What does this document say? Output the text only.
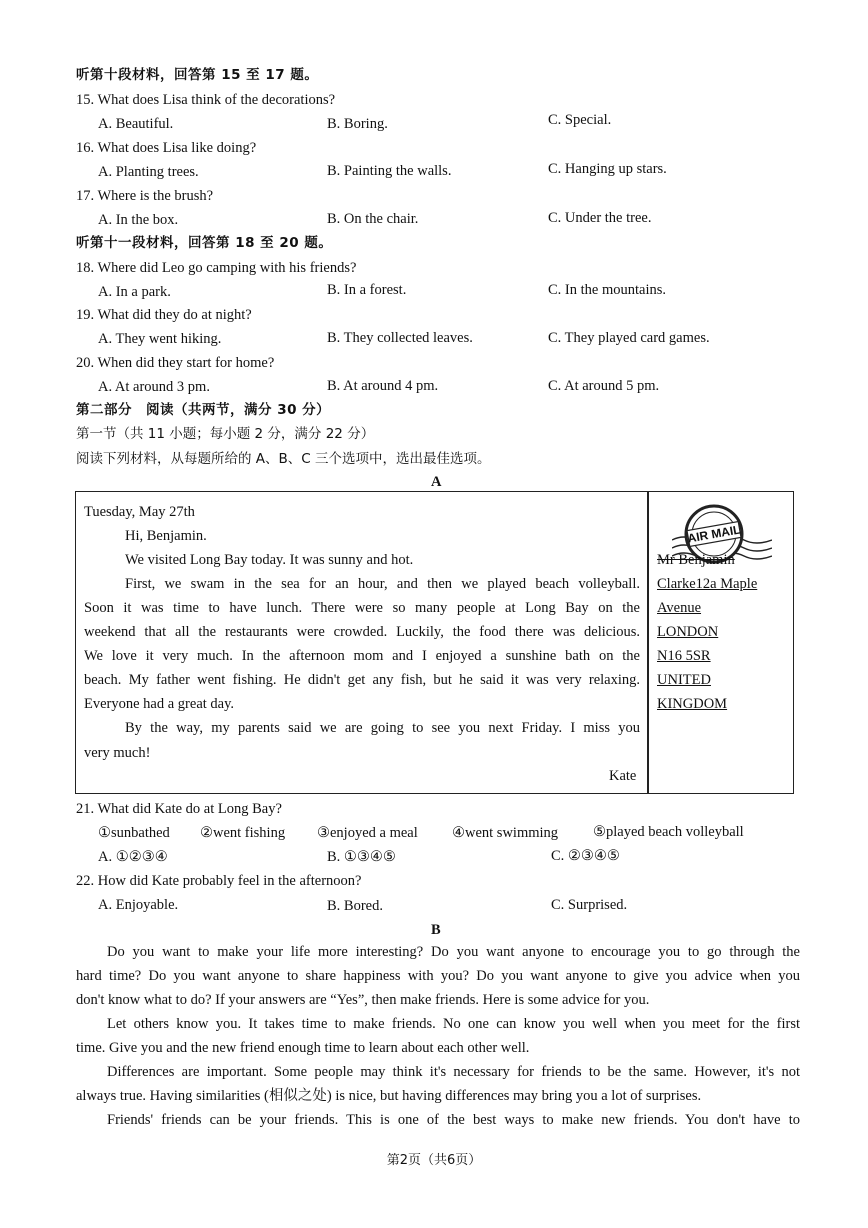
听第十段材料，回答第 15 至 17 题。
15. What does Lisa think of the decorations?
A. Beautiful.	B. Boring.	C. Special.
16. What does Lisa like doing?
A. Planting trees.	B. Painting the walls.	C. Hanging up stars.
17. Where is the brush?
A. In the box.	B. On the chair.	C. Under the tree.
听第十一段材料，回答第 18 至 20 题。
18. Where did Leo go camping with his friends?
A. In a park.	B. In a forest.	C. In the mountains.
19. What did they do at night?
A. They went hiking.	B. They collected leaves.	C. They played card games.
20. When did they start for home?
A. At around 3 pm.	B. At around 4 pm.	C. At around 5 pm.
第二部分　阅读（共两节，满分 30 分）
第一节（共 11 小题；每小题 2 分，满分 22 分）
阅读下列材料，从每题所给的 A、B、C 三个选项中，选出最佳选项。
A
Tuesday, May 27th
Hi, Benjamin.
We visited Long Bay today. It was sunny and hot.
First, we swam in the sea for an hour, and then we played beach volleyball.
Soon it was time to have lunch. There were so many people at Long Bay on the
weekend that all the restaurants were crowded. Luckily, the food there was delicious.
We love it very much. In the afternoon mom and I enjoyed a sunshine bath on the
beach. My father went fishing. He didn't get any fish, but he said it was very relaxing.
Everyone had a great day.
By the way, my parents said we are going to see you next Friday. I miss you
very much!
Kate
AIR MAIL
Mr Benjamin
Clarke12a Maple
Avenue
LONDON
N16 5SR
UNITED
KINGDOM
21. What did Kate do at Long Bay?
①sunbathed ②went fishing ③enjoyed a meal ④went swimming ⑤played beach volleyball
A. ①②③④	B. ①③④⑤	C. ②③④⑤
22. How did Kate probably feel in the afternoon?
A. Enjoyable.	B. Bored.	C. Surprised.
B
Do you want to make your life more interesting? Do you want anyone to encourage you to go through the
hard time? Do you want anyone to share happiness with you? Do you want anyone to give you advice when you
don't know what to do? If your answers are “Yes”, then make friends. Here is some advice for you.
Let others know you. It takes time to make friends. No one can know you well when you meet for the first
time. Give you and the new friend enough time to learn about each other well.
Differences are important. Some people may think it's necessary for friends to be the same. However, it's not
always true. Having similarities (相似之处) is nice, but having differences may bring you a lot of surprises.
Friends' friends can be your friends. This is one of the best ways to make new friends. You don't have to
第2页（共6页）
